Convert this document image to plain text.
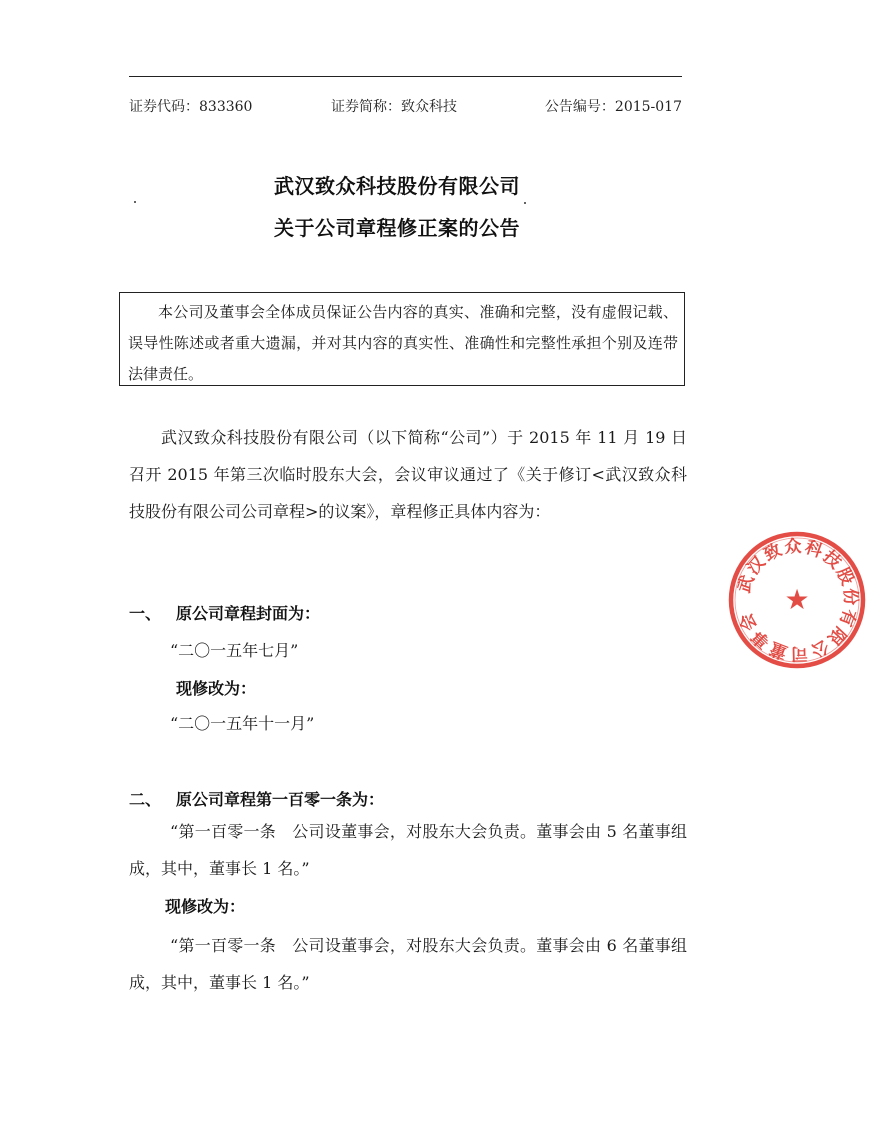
证券代码：833360	证券简称：致众科技	公告编号：2015-017
武汉致众科技股份有限公司
关于公司章程修正案的公告
本公司及董事会全体成员保证公告内容的真实、准确和完整，没有虚假记载、误导性陈述或者重大遗漏，并对其内容的真实性、准确性和完整性承担个别及连带法律责任。
武汉致众科技股份有限公司（以下简称“公司”）于 2015 年 11 月 19 日召开 2015 年第三次临时股东大会，会议审议通过了《关于修订<武汉致众科技股份有限公司公司章程>的议案》，章程修正具体内容为：
一、 原公司章程封面为：
“二〇一五年七月”
现修改为：
“二〇一五年十一月”
二、 原公司章程第一百零一条为：
“第一百零一条　公司设董事会，对股东大会负责。董事会由 5 名董事组成，其中，董事长 1 名。”
现修改为：
“第一百零一条　公司设董事会，对股东大会负责。董事会由 6 名董事组成，其中，董事长 1 名。”
武汉致众科技股份有限公司董事会
★
